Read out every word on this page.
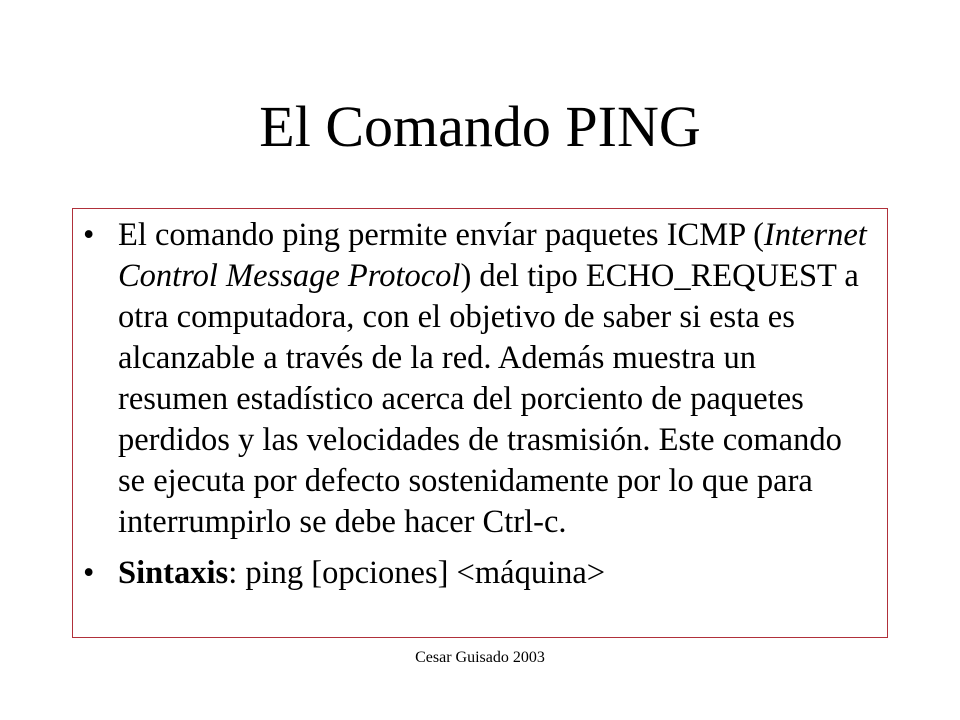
El Comando PING
• El comando ping permite envíar paquetes ICMP (Internet Control Message Protocol) del tipo ECHO_REQUEST a otra computadora, con el objetivo de saber si esta es alcanzable a través de la red. Además muestra un resumen estadístico acerca del porciento de paquetes perdidos y las velocidades de trasmisión. Este comando se ejecuta por defecto sostenidamente por lo que para interrumpirlo se debe hacer Ctrl-c.
• Sintaxis: ping [opciones] <máquina>
Cesar Guisado 2003
